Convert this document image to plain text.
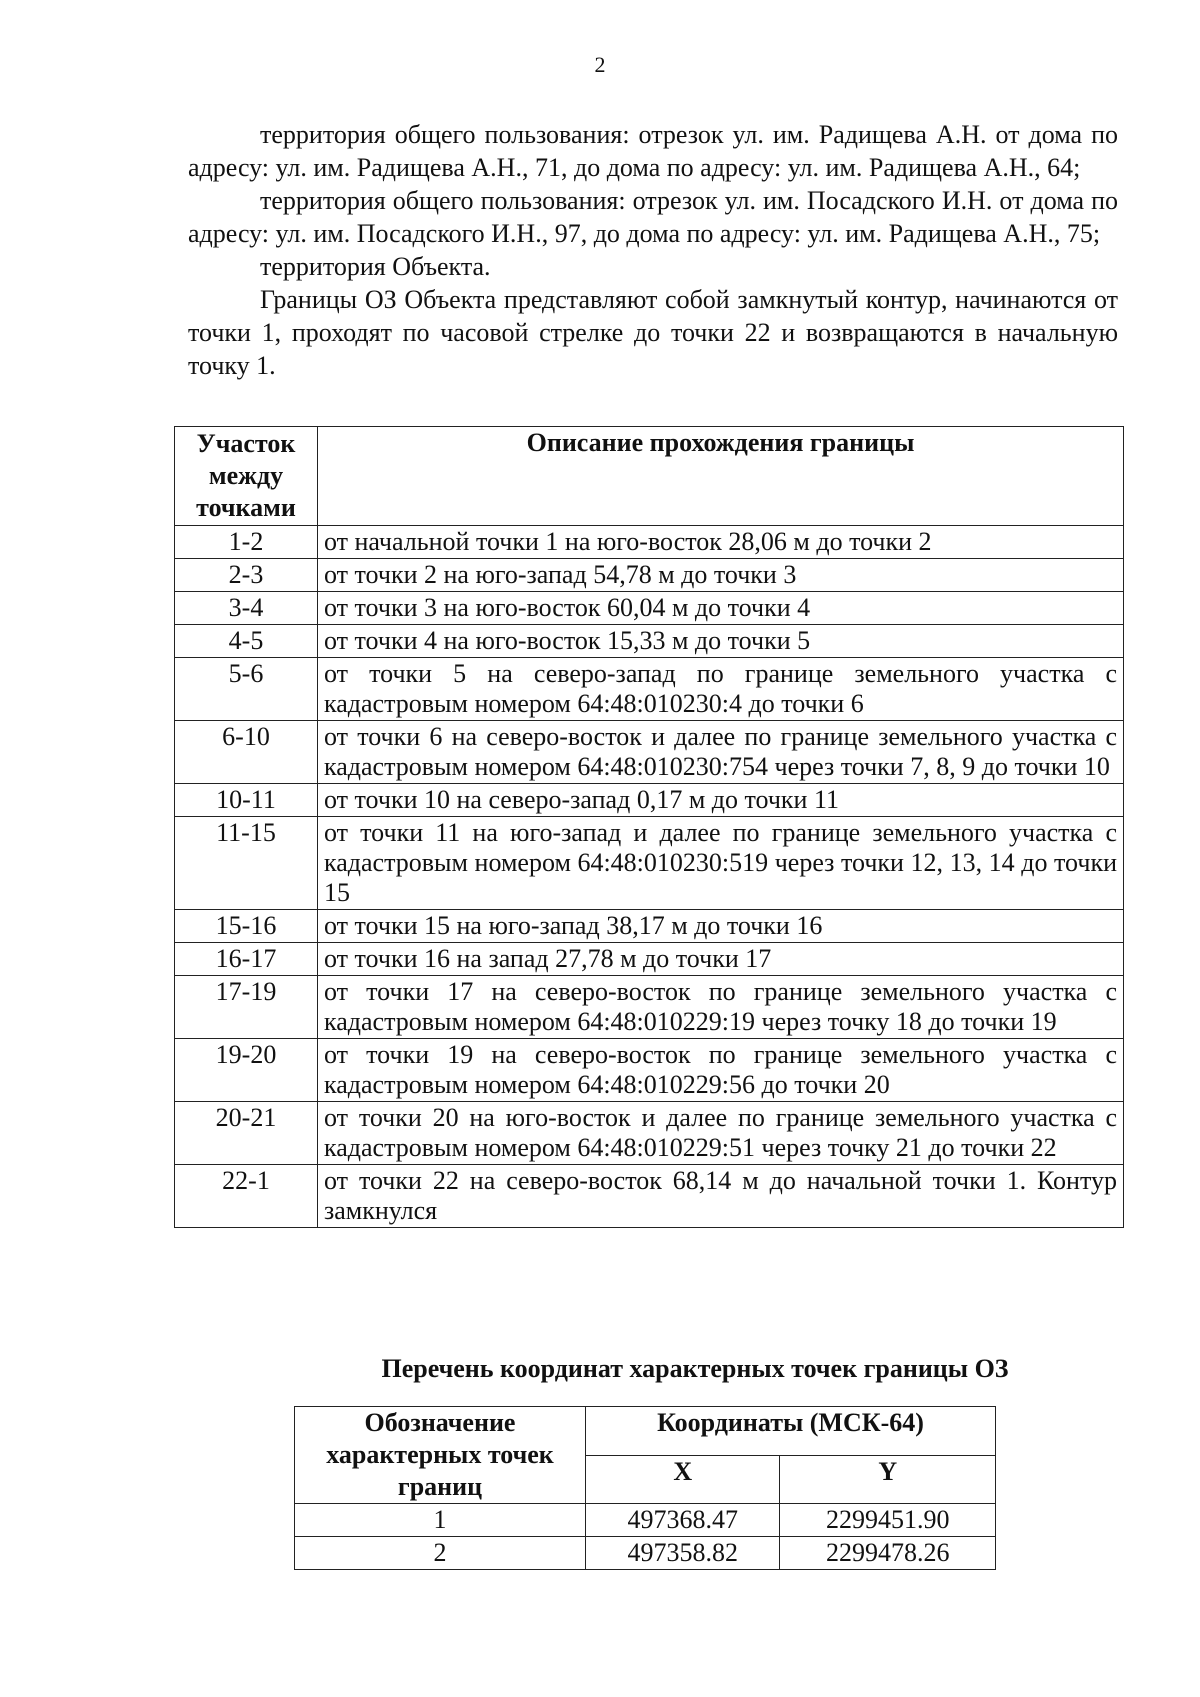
2

территория общего пользования: отрезок ул. им. Радищева А.Н. от дома по адресу: ул. им. Радищева А.Н., 71, до дома по адресу: ул. им. Радищева А.Н., 64;

территория общего пользования: отрезок ул. им. Посадского И.Н. от дома по адресу: ул. им. Посадского И.Н., 97, до дома по адресу: ул. им. Радищева А.Н., 75;

территория Объекта.

Границы ОЗ Объекта представляют собой замкнутый контур, начинаются от точки 1, проходят по часовой стрелке до точки 22 и возвращаются в начальную точку 1.

Участок между точками	Описание прохождения границы
1-2	от начальной точки 1 на юго-восток 28,06 м до точки 2
2-3	от точки 2 на юго-запад 54,78 м до точки 3
3-4	от точки 3 на юго-восток 60,04 м до точки 4
4-5	от точки 4 на юго-восток 15,33 м до точки 5
5-6	от точки 5 на северо-запад по границе земельного участка с кадастровым номером 64:48:010230:4 до точки 6
6-10	от точки 6 на северо-восток и далее по границе земельного участка с кадастровым номером 64:48:010230:754 через точки 7, 8, 9 до точки 10
10-11	от точки 10 на северо-запад 0,17 м до точки 11
11-15	от точки 11 на юго-запад и далее по границе земельного участка с кадастровым номером 64:48:010230:519 через точки 12, 13, 14 до точки 15
15-16	от точки 15 на юго-запад 38,17 м до точки 16
16-17	от точки 16 на запад 27,78 м до точки 17
17-19	от точки 17 на северо-восток по границе земельного участка с кадастровым номером 64:48:010229:19 через точку 18 до точки 19
19-20	от точки 19 на северо-восток по границе земельного участка с кадастровым номером 64:48:010229:56 до точки 20
20-21	от точки 20 на юго-восток и далее по границе земельного участка с кадастровым номером 64:48:010229:51 через точку 21 до точки 22
22-1	от точки 22 на северо-восток 68,14 м до начальной точки 1. Контур замкнулся
Перечень координат характерных точек границы ОЗ
Обозначение характерных точек границ	Координаты (МСК-64)	
	X	Y
1	497368.47	2299451.90
2	497358.82	2299478.26
